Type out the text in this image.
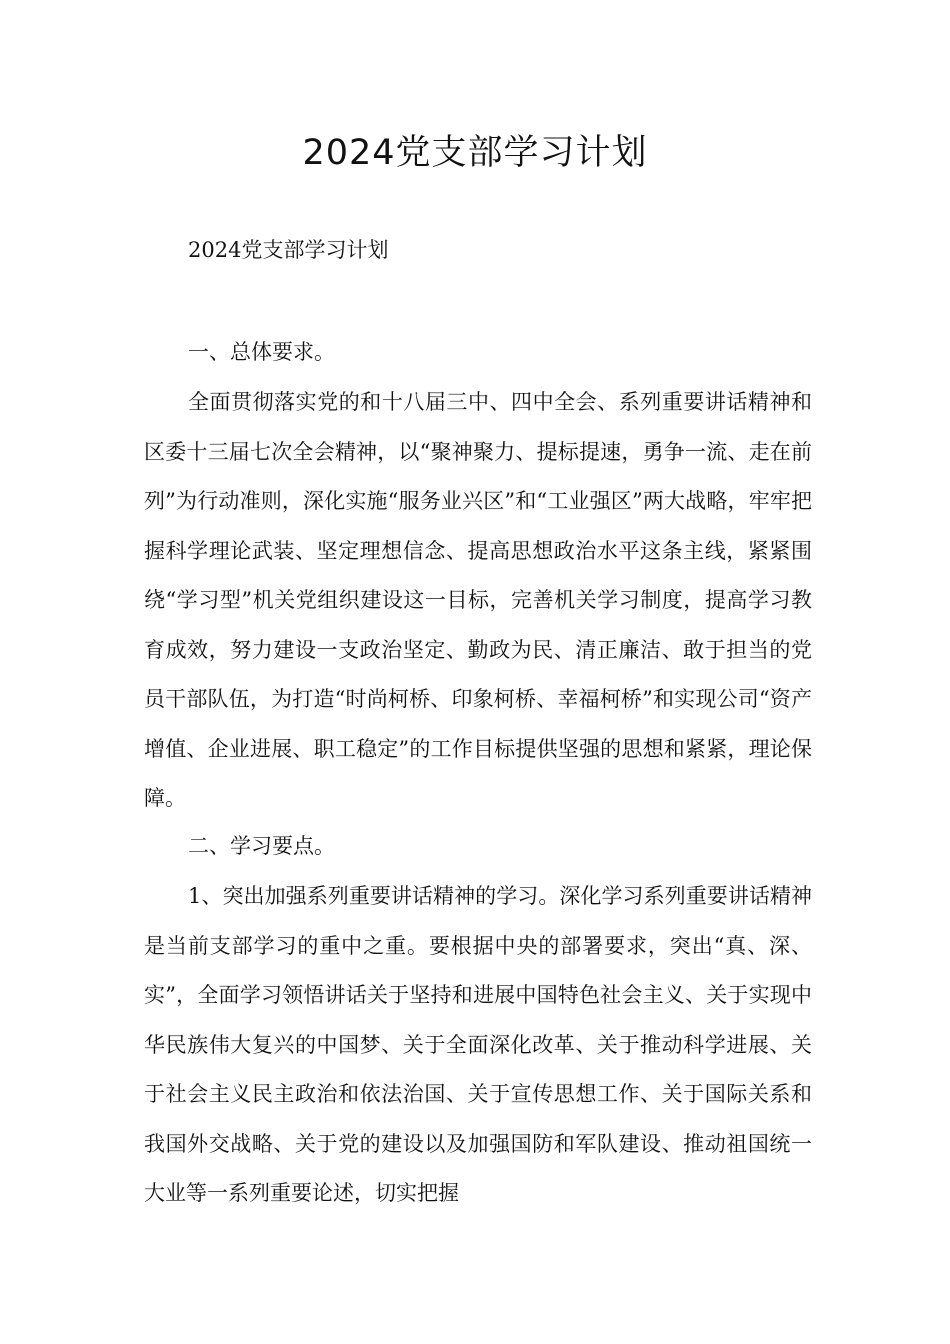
2024党支部学习计划

2024党支部学习计划

一、总体要求。

全面贯彻落实党的和十八届三中、四中全会、系列重要讲话精神和区委十三届七次全会精神，以“聚神聚力、提标提速，勇争一流、走在前列”为行动准则，深化实施“服务业兴区”和“工业强区”两大战略，牢牢把握科学理论武装、坚定理想信念、提高思想政治水平这条主线，紧紧围绕“学习型”机关党组织建设这一目标，完善机关学习制度，提高学习教育成效，努力建设一支政治坚定、勤政为民、清正廉洁、敢于担当的党员干部队伍，为打造“时尚柯桥、印象柯桥、幸福柯桥”和实现公司“资产增值、企业进展、职工稳定”的工作目标提供坚强的思想和紧紧，理论保障。

二、学习要点。

1、突出加强系列重要讲话精神的学习。深化学习系列重要讲话精神是当前支部学习的重中之重。要根据中央的部署要求，突出“真、深、实”，全面学习领悟讲话关于坚持和进展中国特色社会主义、关于实现中华民族伟大复兴的中国梦、关于全面深化改革、关于推动科学进展、关于社会主义民主政治和依法治国、关于宣传思想工作、关于国际关系和我国外交战略、关于党的建设以及加强国防和军队建设、推动祖国统一大业等一系列重要论述，切实把握
